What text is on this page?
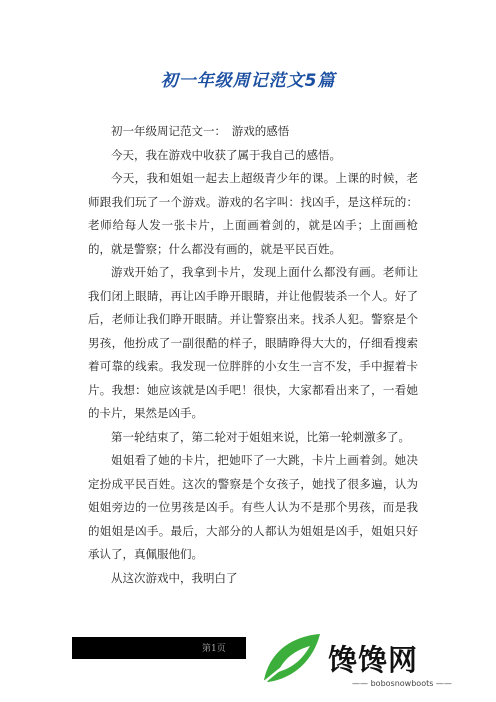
初一年级周记范文5篇

初一年级周记范文一：　游戏的感悟

今天，我在游戏中收获了属于我自己的感悟。

今天，我和姐姐一起去上超级青少年的课。上课的时候，老师跟我们玩了一个游戏。游戏的名字叫：找凶手，是这样玩的：老师给每人发一张卡片，上面画着剑的，就是凶手；上面画枪的，就是警察；什么都没有画的，就是平民百姓。

游戏开始了，我拿到卡片，发现上面什么都没有画。老师让我们闭上眼睛，再让凶手睁开眼睛，并让他假装杀一个人。好了后，老师让我们睁开眼睛。并让警察出来。找杀人犯。警察是个男孩，他扮成了一副很酷的样子，眼睛睁得大大的，仔细看搜索着可靠的线索。我发现一位胖胖的小女生一言不发，手中握着卡片。我想：她应该就是凶手吧！很快，大家都看出来了，一看她的卡片，果然是凶手。

第一轮结束了，第二轮对于姐姐来说，比第一轮刺激多了。

姐姐看了她的卡片，把她吓了一大跳，卡片上画着剑。她决定扮成平民百姓。这次的警察是个女孩子，她找了很多遍，认为姐姐旁边的一位男孩是凶手。有些人认为不是那个男孩，而是我的姐姐是凶手。最后，大部分的人都认为姐姐是凶手，姐姐只好承认了，真佩服他们。

从这次游戏中，我明白了

第1页	馋馋网
—— bobosnowboots ——
